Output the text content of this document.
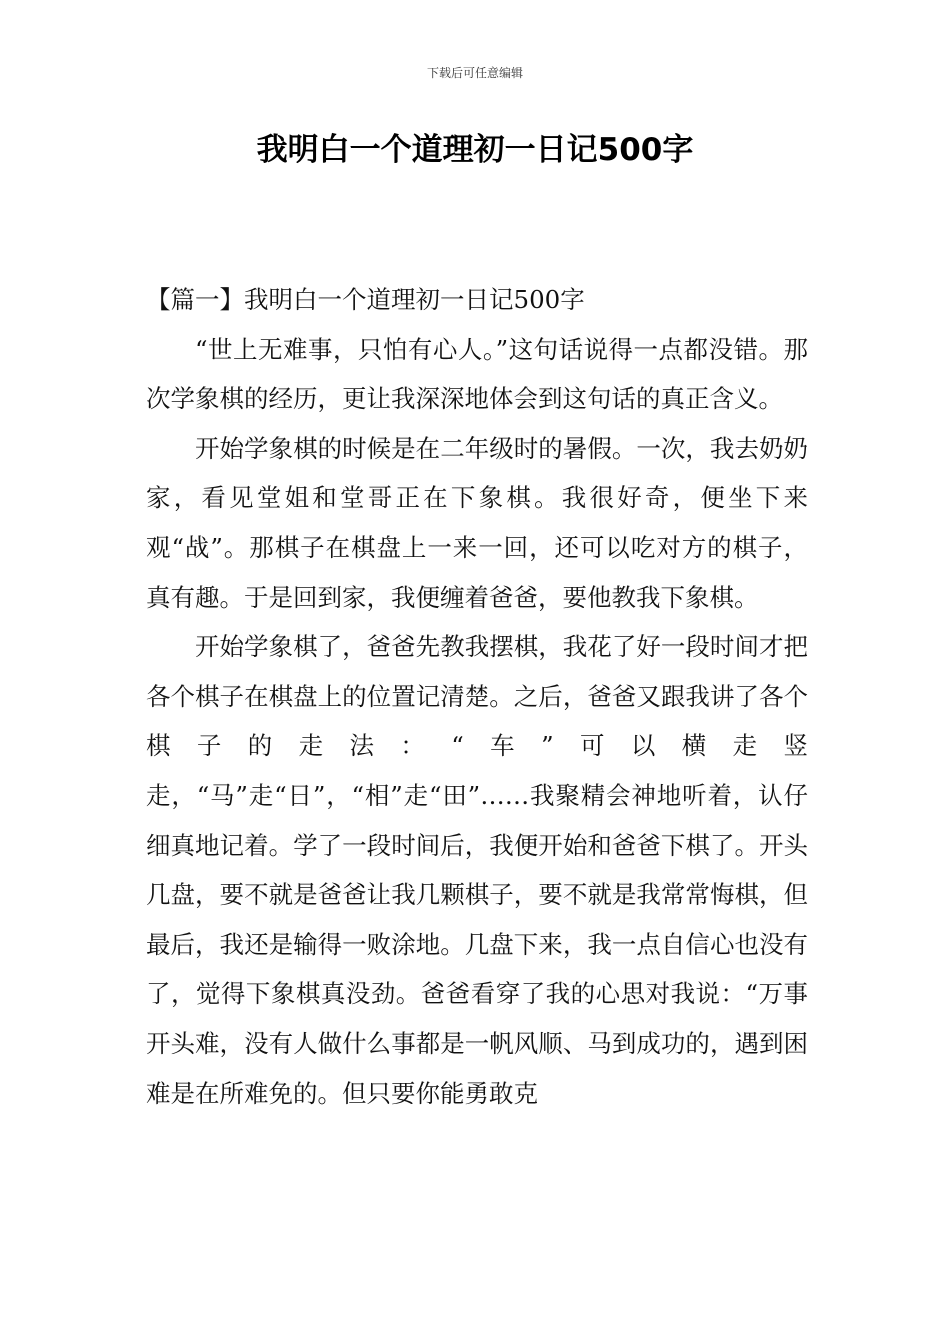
下载后可任意编辑
我明白一个道理初一日记500字

【篇一】我明白一个道理初一日记500字

“世上无难事，只怕有心人。”这句话说得一点都没错。那次学象棋的经历，更让我深深地体会到这句话的真正含义。

开始学象棋的时候是在二年级时的暑假。一次，我去奶奶家，看见堂姐和堂哥正在下象棋。我很好奇，便坐下来观“战”。那棋子在棋盘上一来一回，还可以吃对方的棋子，真有趣。于是回到家，我便缠着爸爸，要他教我下象棋。

开始学象棋了，爸爸先教我摆棋，我花了好一段时间才把各个棋子在棋盘上的位置记清楚。之后，爸爸又跟我讲了各个棋子的走法：“车”可以横走竖走，“马”走“日”，“相”走“田”……我聚精会神地听着，认仔细真地记着。学了一段时间后，我便开始和爸爸下棋了。开头几盘，要不就是爸爸让我几颗棋子，要不就是我常常悔棋，但最后，我还是输得一败涂地。几盘下来，我一点自信心也没有了，觉得下象棋真没劲。爸爸看穿了我的心思对我说：“万事开头难，没有人做什么事都是一帆风顺、马到成功的，遇到困难是在所难免的。但只要你能勇敢克
